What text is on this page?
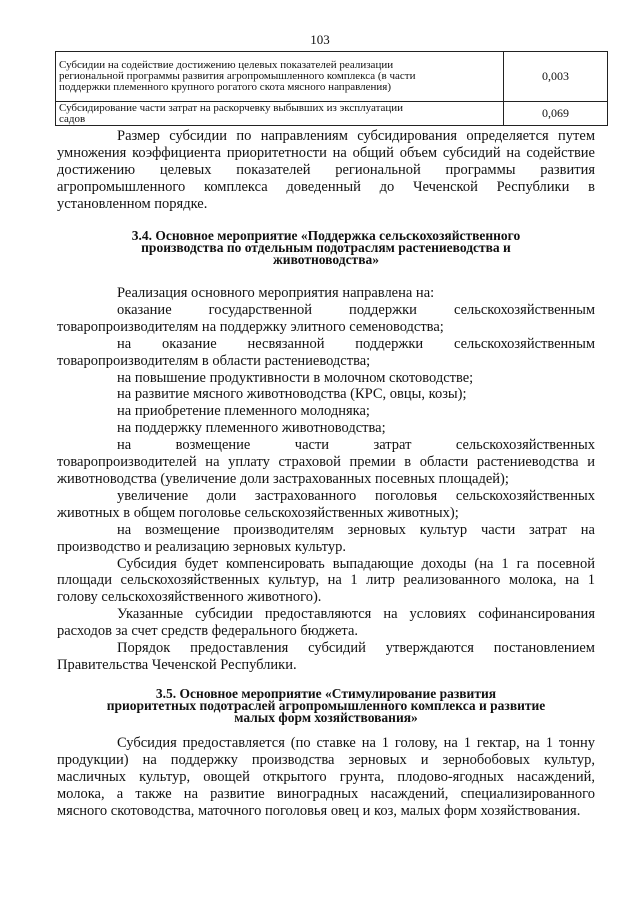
103
Субсидии на содействие достижению целевых показателей реализации
региональной программы развития агропромышленного комплекса (в части
поддержки племенного крупного рогатого скота мясного направления)	0,003

Субсидирование части затрат на раскорчевку выбывших из эксплуатации
садов	0,069

Размер субсидии по направлениям субсидирования определяется путем

умножения коэффициента приоритетности на общий объем субсидий на содействие

достижению целевых показателей региональной программы развития

агропромышленного комплекса доведенный до Чеченской Республики в

установленном порядке.

3.4. Основное мероприятие «Поддержка сельскохозяйственного

производства по отдельным подотраслям растениеводства и

животноводства»

Реализация основного мероприятия направлена на:

оказание государственной поддержки сельскохозяйственным

товаропроизводителям на поддержку элитного семеноводства;

на оказание несвязанной поддержки сельскохозяйственным

товаропроизводителям в области растениеводства;

на повышение продуктивности в молочном скотоводстве;

на развитие мясного животноводства (КРС, овцы, козы);

на приобретение племенного молодняка;

на поддержку племенного животноводства;

на возмещение части затрат сельскохозяйственных

товаропроизводителей на уплату страховой премии в области растениеводства и

животноводства (увеличение доли застрахованных посевных площадей);

увеличение доли застрахованного поголовья сельскохозяйственных

животных в общем поголовье сельскохозяйственных животных);

на возмещение производителям зерновых культур части затрат на

производство и реализацию зерновых культур.

Субсидия будет компенсировать выпадающие доходы (на 1 га посевной

площади сельскохозяйственных культур, на 1 литр реализованного молока, на 1

голову сельскохозяйственного животного).

Указанные субсидии предоставляются на условиях софинансирования

расходов за счет средств федерального бюджета.

Порядок предоставления субсидий утверждаются постановлением

Правительства Чеченской Республики.

3.5. Основное мероприятие «Стимулирование развития

приоритетных подотраслей агропромышленного комплекса и развитие

малых форм хозяйствования»

Субсидия предоставляется (по ставке на 1 голову, на 1 гектар, на 1 тонну

продукции) на поддержку производства зерновых и зернобобовых культур,

масличных культур, овощей открытого грунта, плодово-ягодных насаждений,

молока, а также на развитие виноградных насаждений, специализированного

мясного скотоводства, маточного поголовья овец и коз, малых форм хозяйствования.
